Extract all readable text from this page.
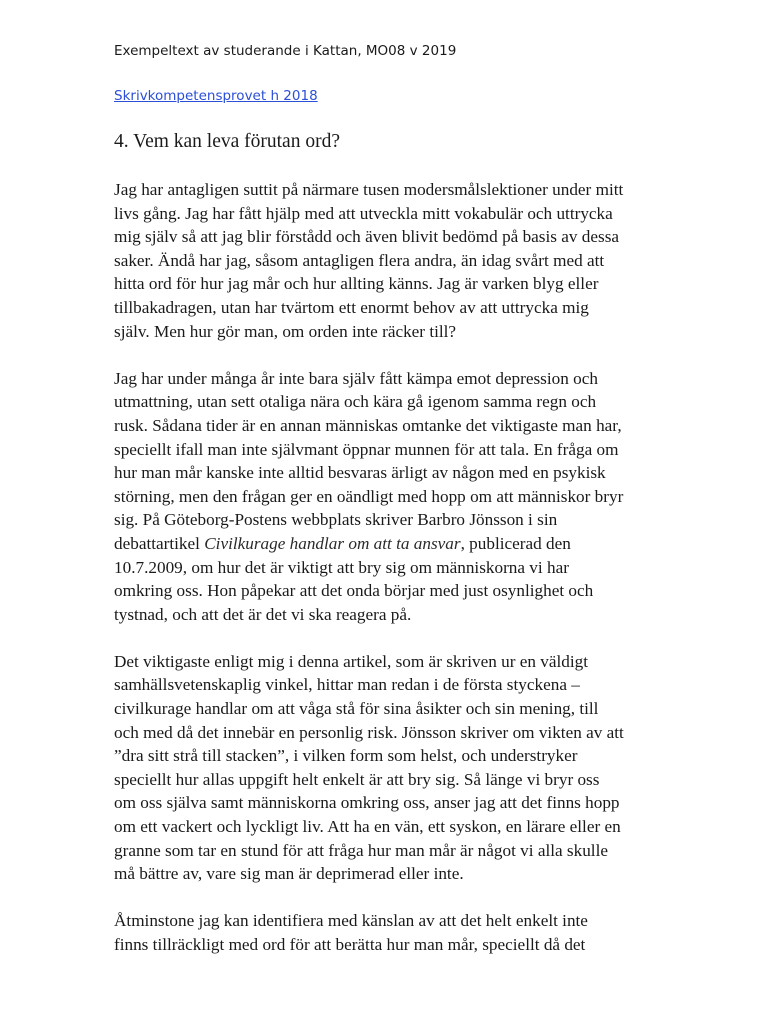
Exempeltext av studerande i Kattan, MO08 v 2019
Skrivkompetensprovet h 2018
4. Vem kan leva förutan ord?
Jag har antagligen suttit på närmare tusen modersmålslektioner under mitt
livs gång. Jag har fått hjälp med att utveckla mitt vokabulär och uttrycka
mig själv så att jag blir förstådd och även blivit bedömd på basis av dessa
saker. Ändå har jag, såsom antagligen flera andra, än idag svårt med att
hitta ord för hur jag mår och hur allting känns. Jag är varken blyg eller
tillbakadragen, utan har tvärtom ett enormt behov av att uttrycka mig
själv. Men hur gör man, om orden inte räcker till?
Jag har under många år inte bara själv fått kämpa emot depression och
utmattning, utan sett otaliga nära och kära gå igenom samma regn och
rusk. Sådana tider är en annan människas omtanke det viktigaste man har,
speciellt ifall man inte självmant öppnar munnen för att tala. En fråga om
hur man mår kanske inte alltid besvaras ärligt av någon med en psykisk
störning, men den frågan ger en oändligt med hopp om att människor bryr
sig. På Göteborg-Postens webbplats skriver Barbro Jönsson i sin
debattartikel Civilkurage handlar om att ta ansvar, publicerad den
10.7.2009, om hur det är viktigt att bry sig om människorna vi har
omkring oss. Hon påpekar att det onda börjar med just osynlighet och
tystnad, och att det är det vi ska reagera på.
Det viktigaste enligt mig i denna artikel, som är skriven ur en väldigt
samhällsvetenskaplig vinkel, hittar man redan i de första styckena –
civilkurage handlar om att våga stå för sina åsikter och sin mening, till
och med då det innebär en personlig risk. Jönsson skriver om vikten av att
”dra sitt strå till stacken”, i vilken form som helst, och understryker
speciellt hur allas uppgift helt enkelt är att bry sig. Så länge vi bryr oss
om oss själva samt människorna omkring oss, anser jag att det finns hopp
om ett vackert och lyckligt liv. Att ha en vän, ett syskon, en lärare eller en
granne som tar en stund för att fråga hur man mår är något vi alla skulle
må bättre av, vare sig man är deprimerad eller inte.
Åtminstone jag kan identifiera med känslan av att det helt enkelt inte
finns tillräckligt med ord för att berätta hur man mår, speciellt då det
